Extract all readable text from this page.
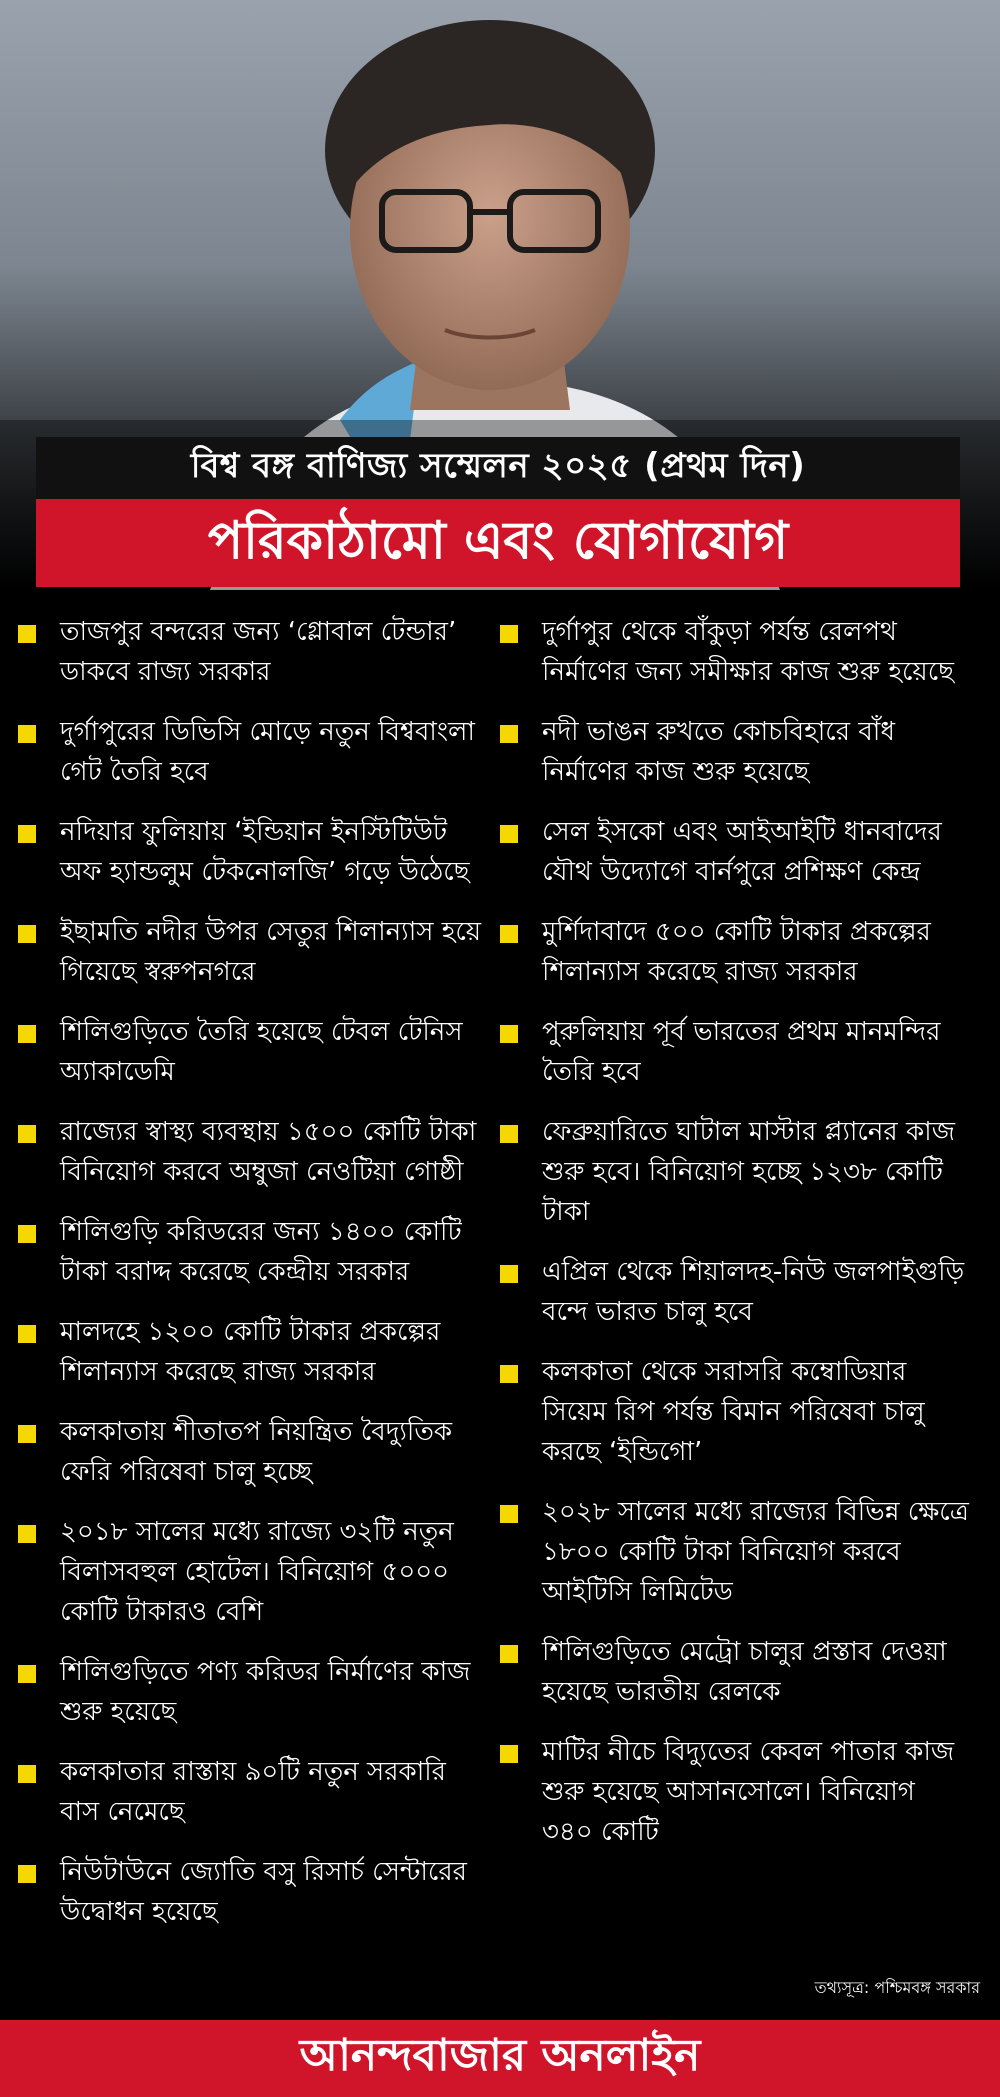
বিশ্ব বঙ্গ বাণিজ্য সম্মেলন ২০২৫ (প্রথম দিন)
পরিকাঠামো এবং যোগাযোগ
তাজপুর বন্দরের জন্য ‘গ্লোবাল টেন্ডার’ ডাকবে রাজ্য সরকার
দুর্গাপুরের ডিভিসি মোড়ে নতুন বিশ্ববাংলা গেট তৈরি হবে
নদিয়ার ফুলিয়ায় ‘ইন্ডিয়ান ইনস্টিটিউট অফ হ্যান্ডলুম টেকনোলজি’ গড়ে উঠেছে
ইছামতি নদীর উপর সেতুর শিলান্যাস হয়ে গিয়েছে স্বরুপনগরে
শিলিগুড়িতে তৈরি হয়েছে টেবল টেনিস অ্যাকাডেমি
রাজ্যের স্বাস্থ্য ব্যবস্থায় ১৫০০ কোটি টাকা বিনিয়োগ করবে অম্বুজা নেওটিয়া গোষ্ঠী
শিলিগুড়ি করিডরের জন্য ১৪০০ কোটি টাকা বরাদ্দ করেছে কেন্দ্রীয় সরকার
মালদহে ১২০০ কোটি টাকার প্রকল্পের শিলান্যাস করেছে রাজ্য সরকার
কলকাতায় শীতাতপ নিয়ন্ত্রিত বৈদ্যুতিক ফেরি পরিষেবা চালু হচ্ছে
২০১৮ সালের মধ্যে রাজ্যে ৩২টি নতুন বিলাসবহুল হোটেল। বিনিয়োগ ৫০০০ কোটি টাকারও বেশি
শিলিগুড়িতে পণ্য করিডর নির্মাণের কাজ শুরু হয়েছে
কলকাতার রাস্তায় ৯০টি নতুন সরকারি বাস নেমেছে
নিউটাউনে জ্যোতি বসু রিসার্চ সেন্টারের উদ্বোধন হয়েছে
দুর্গাপুর থেকে বাঁকুড়া পর্যন্ত রেলপথ নির্মাণের জন্য সমীক্ষার কাজ শুরু হয়েছে
নদী ভাঙন রুখতে কোচবিহারে বাঁধ নির্মাণের কাজ শুরু হয়েছে
সেল ইসকো এবং আইআইটি ধানবাদের যৌথ উদ্যোগে বার্নপুরে প্রশিক্ষণ কেন্দ্র
মুর্শিদাবাদে ৫০০ কোটি টাকার প্রকল্পের শিলান্যাস করেছে রাজ্য সরকার
পুরুলিয়ায় পূর্ব ভারতের প্রথম মানমন্দির তৈরি হবে
ফেব্রুয়ারিতে ঘাটাল মাস্টার প্ল্যানের কাজ শুরু হবে। বিনিয়োগ হচ্ছে ১২৩৮ কোটি টাকা
এপ্রিল থেকে শিয়ালদহ-নিউ জলপাইগুড়ি বন্দে ভারত চালু হবে
কলকাতা থেকে সরাসরি কম্বোডিয়ার সিয়েম রিপ পর্যন্ত বিমান পরিষেবা চালু করছে ‘ইন্ডিগো’
২০২৮ সালের মধ্যে রাজ্যের বিভিন্ন ক্ষেত্রে ১৮০০ কোটি টাকা বিনিয়োগ করবে আইটিসি লিমিটেড
শিলিগুড়িতে মেট্রো চালুর প্রস্তাব দেওয়া হয়েছে ভারতীয় রেলকে
মাটির নীচে বিদ্যুতের কেবল পাতার কাজ শুরু হয়েছে আসানসোলে। বিনিয়োগ ৩৪০ কোটি
তথ্যসূত্র: পশ্চিমবঙ্গ সরকার
আনন্দবাজার অনলাইন
